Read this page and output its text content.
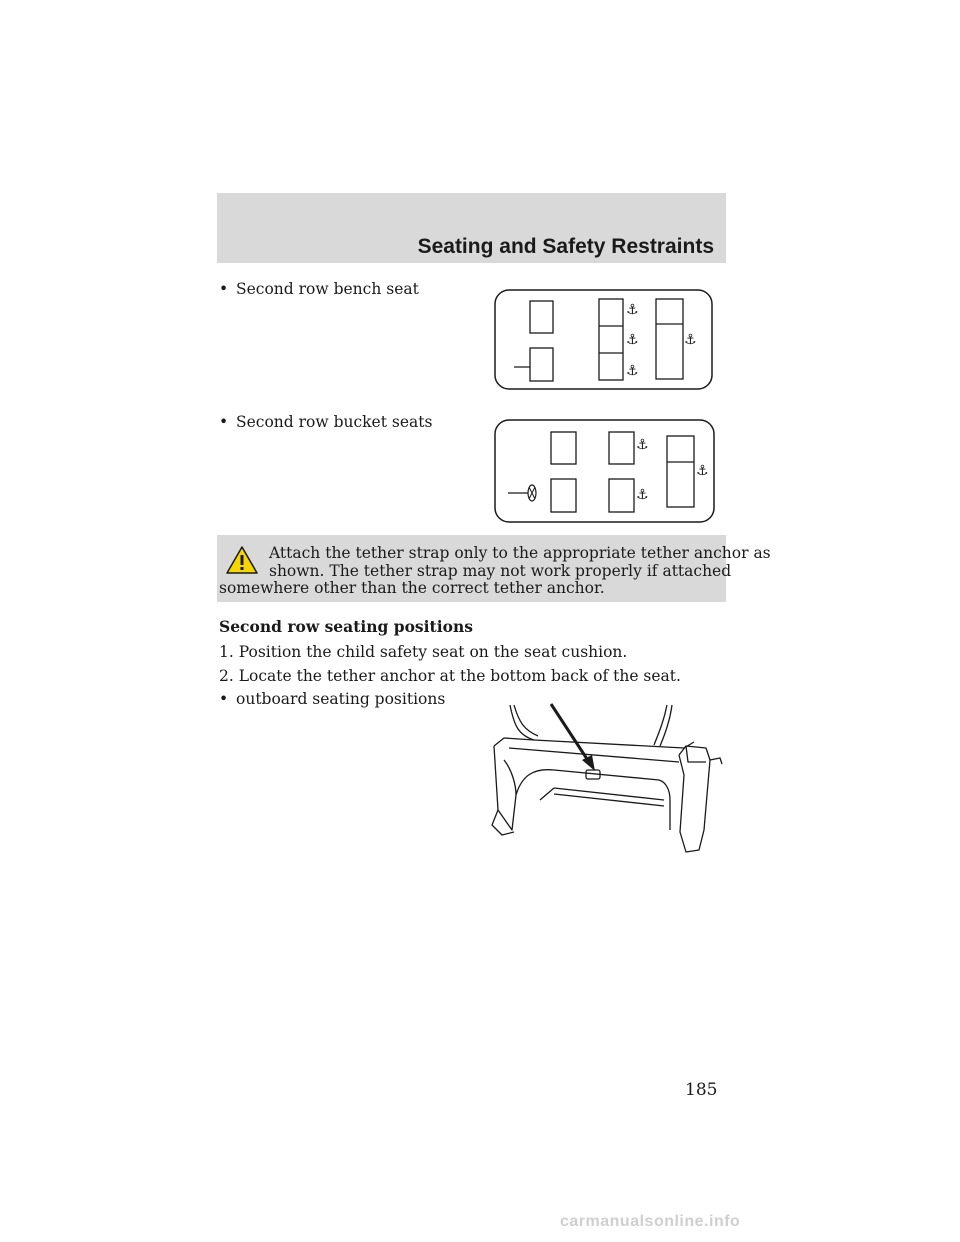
Seating and Safety Restraints
• Second row bench seat
⚓
⚓
⚓
⚓
• Second row bucket seats
⚓
⚓
⚓
Attach the tether strap only to the appropriate tether anchor as
shown. The tether strap may not work properly if attached
somewhere other than the correct tether anchor.
Second row seating positions
1. Position the child safety seat on the seat cushion.
2. Locate the tether anchor at the bottom back of the seat.
• outboard seating positions
185
carmanualsonline.info
